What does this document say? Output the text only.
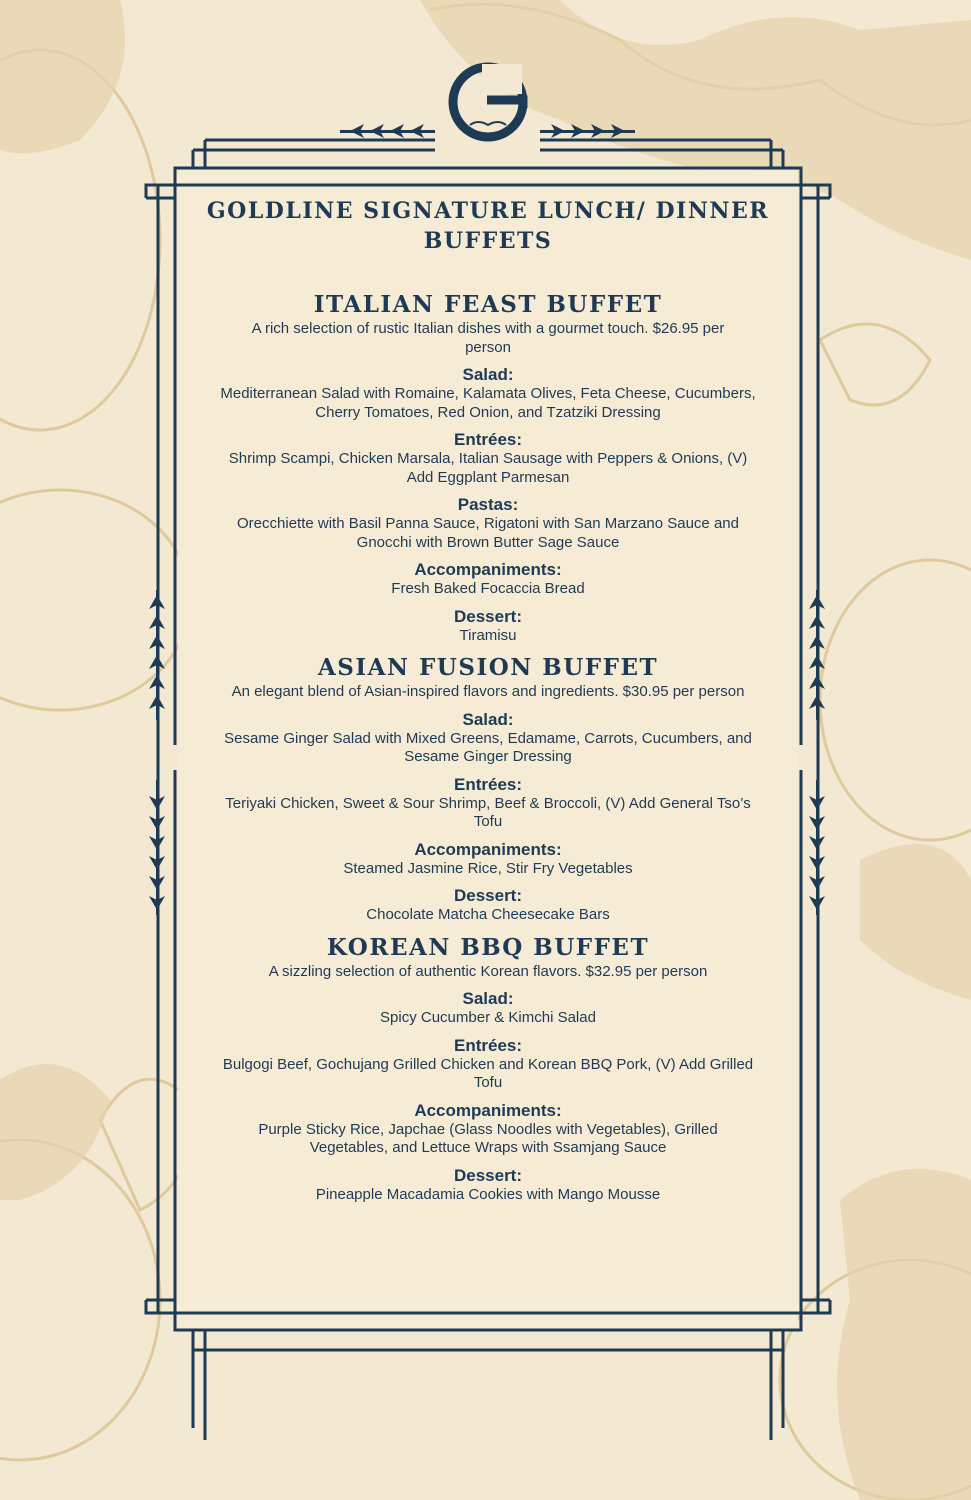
GOLDLINE SIGNATURE LUNCH/ DINNER BUFFETS
ITALIAN FEAST BUFFET
A rich selection of rustic Italian dishes with a gourmet touch. $26.95 per person
Salad:
Mediterranean Salad with Romaine, Kalamata Olives, Feta Cheese, Cucumbers, Cherry Tomatoes, Red Onion, and Tzatziki Dressing
Entrées:
Shrimp Scampi, Chicken Marsala, Italian Sausage with Peppers & Onions, (V) Add Eggplant Parmesan
Pastas:
Orecchiette with Basil Panna Sauce, Rigatoni with San Marzano Sauce and Gnocchi with Brown Butter Sage Sauce
Accompaniments:
Fresh Baked Focaccia Bread
Dessert:
Tiramisu
ASIAN FUSION BUFFET
An elegant blend of Asian-inspired flavors and ingredients. $30.95 per person
Salad:
Sesame Ginger Salad with Mixed Greens, Edamame, Carrots, Cucumbers, and Sesame Ginger Dressing
Entrées:
Teriyaki Chicken, Sweet & Sour Shrimp, Beef & Broccoli, (V) Add General Tso’s Tofu
Accompaniments:
Steamed Jasmine Rice, Stir Fry Vegetables
Dessert:
Chocolate Matcha Cheesecake Bars
KOREAN BBQ BUFFET
A sizzling selection of authentic Korean flavors. $32.95 per person
Salad:
Spicy Cucumber & Kimchi Salad
Entrées:
Bulgogi Beef, Gochujang Grilled Chicken and Korean BBQ Pork, (V) Add Grilled Tofu
Accompaniments:
Purple Sticky Rice, Japchae (Glass Noodles with Vegetables), Grilled Vegetables, and Lettuce Wraps with Ssamjang Sauce
Dessert:
Pineapple Macadamia Cookies with Mango Mousse
